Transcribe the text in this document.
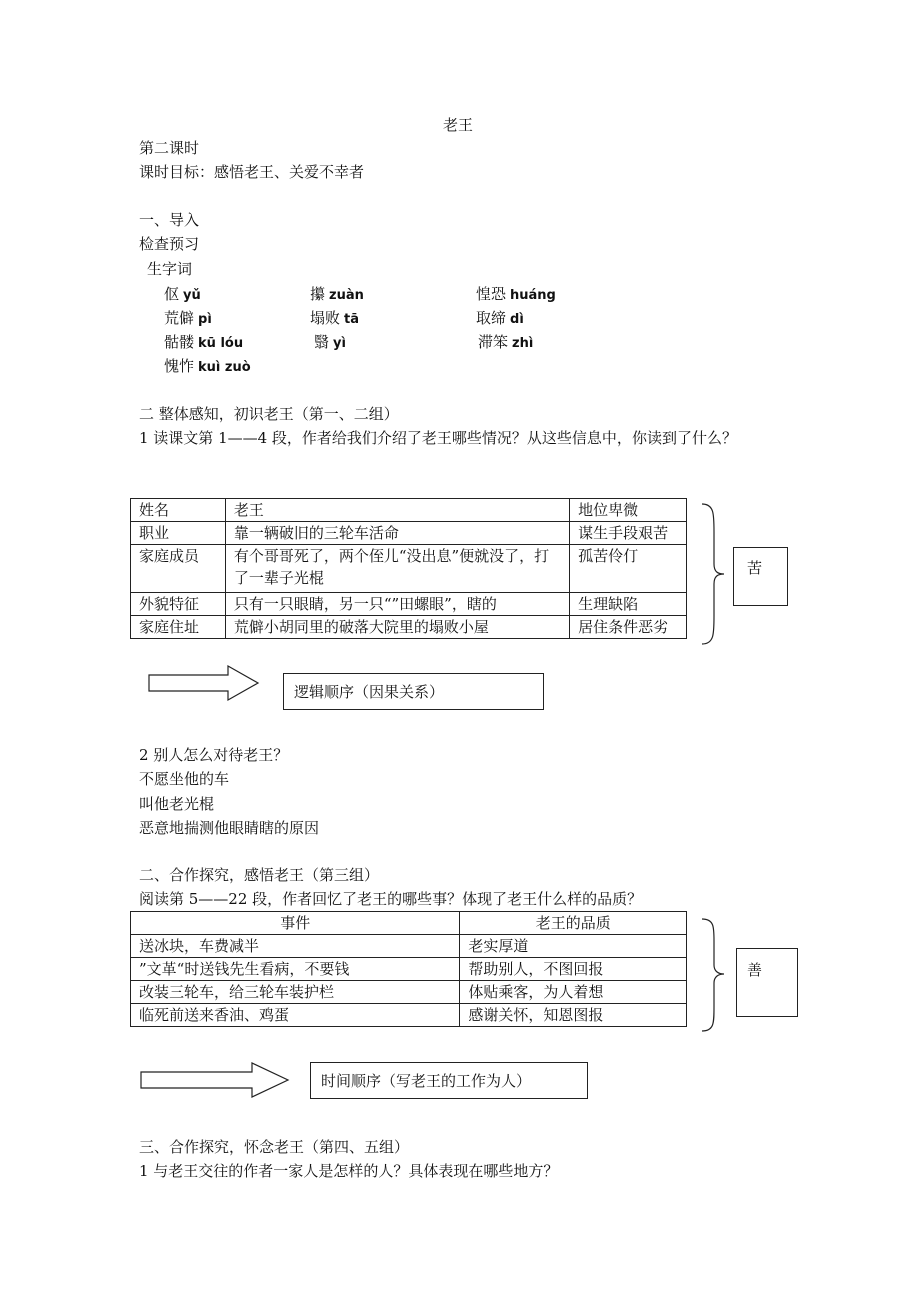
老王
第二课时
课时目标：感悟老王、关爱不幸者
一、导入
检查预习
生字词
伛 yǔ	攥 zuàn	惶恐 huáng
荒僻 pì	塌败 tā	取缔 dì
骷髅 kū lóu	翳 yì	滞笨 zhì
愧怍 kuì zuò
二 整体感知，初识老王（第一、二组）
1 读课文第 1——4 段，作者给我们介绍了老王哪些情况？从这些信息中，你读到了什么？
姓名	老王	地位卑微
职业	靠一辆破旧的三轮车活命	谋生手段艰苦
家庭成员	有个哥哥死了，两个侄儿“没出息”便就没了，打了一辈子光棍	孤苦伶仃
外貌特征	只有一只眼睛，另一只“”田螺眼”，瞎的	生理缺陷
家庭住址	荒僻小胡同里的破落大院里的塌败小屋	居住条件恶劣
苦
逻辑顺序（因果关系）
2 别人怎么对待老王？
不愿坐他的车
叫他老光棍
恶意地揣测他眼睛瞎的原因
二、合作探究，感悟老王（第三组）
阅读第 5——22 段，作者回忆了老王的哪些事？体现了老王什么样的品质？
事件	老王的品质
送冰块，车费减半	老实厚道
”文革“时送钱先生看病，不要钱	帮助别人，不图回报
改装三轮车，给三轮车装护栏	体贴乘客，为人着想
临死前送来香油、鸡蛋	感谢关怀，知恩图报
善
时间顺序（写老王的工作为人）
三、合作探究，怀念老王（第四、五组）
1 与老王交往的作者一家人是怎样的人？具体表现在哪些地方？
